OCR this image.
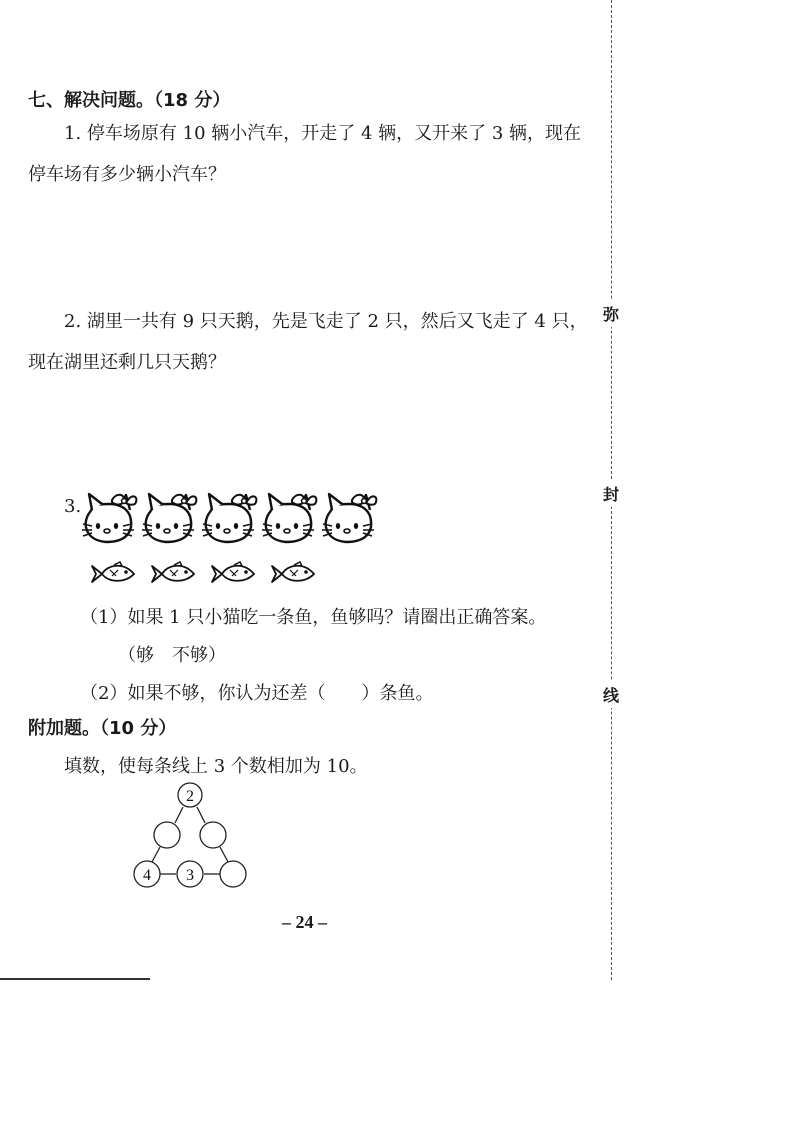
弥
封
线
七、解决问题。（18 分）
1. 停车场原有 10 辆小汽车，开走了 4 辆，又开来了 3 辆，现在
停车场有多少辆小汽车？
2. 湖里一共有 9 只天鹅，先是飞走了 2 只，然后又飞走了 4 只，
现在湖里还剩几只天鹅？
3.
（1）如果 1 只小猫吃一条鱼，鱼够吗？请圈出正确答案。
（够　不够）
（2）如果不够，你认为还差（　　）条鱼。
附加题。（10 分）
填数，使每条线上 3 个数相加为 10。
2
4 3
– 24 –
